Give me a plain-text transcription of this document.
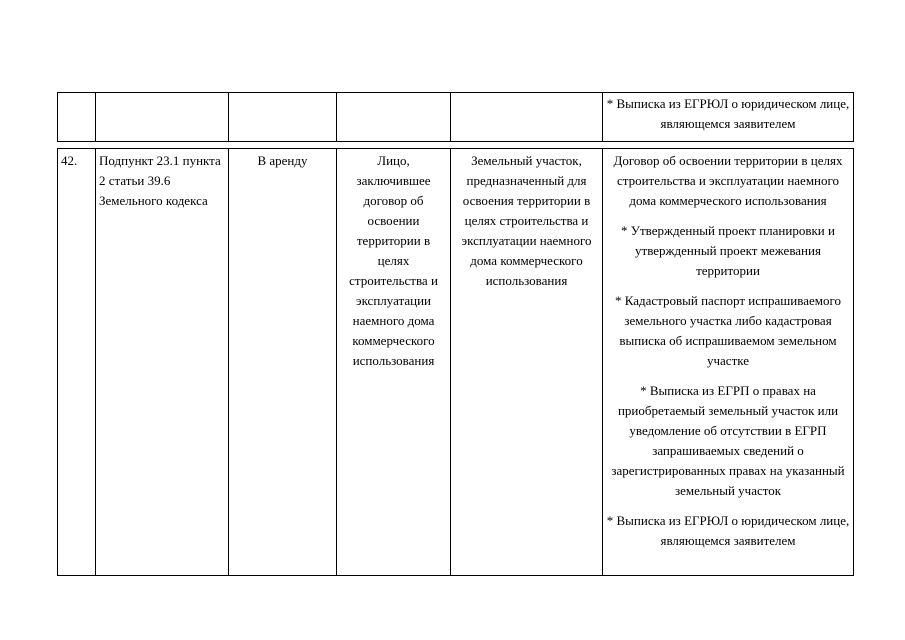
					* Выписка из ЕГРЮЛ о юридическом лице, являющемся заявителем

42.	Подпункт 23.1 пункта 2 статьи 39.6 Земельного кодекса	В аренду	Лицо, заключившее договор об освоении территории в целях строительства и эксплуатации наемного дома коммерческого использования	Земельный участок, предназначенный для освоения территории в целях строительства и эксплуатации наемного дома коммерческого использования	Договор об освоении территории в целях строительства и эксплуатации наемного дома коммерческого использования

* Утвержденный проект планировки и утвержденный проект межевания территории

* Кадастровый паспорт испрашиваемого земельного участка либо кадастровая выписка об испрашиваемом земельном участке

* Выписка из ЕГРП о правах на приобретаемый земельный участок или уведомление об отсутствии в ЕГРП запрашиваемых сведений о зарегистрированных правах на указанный земельный участок

* Выписка из ЕГРЮЛ о юридическом лице, являющемся заявителем
